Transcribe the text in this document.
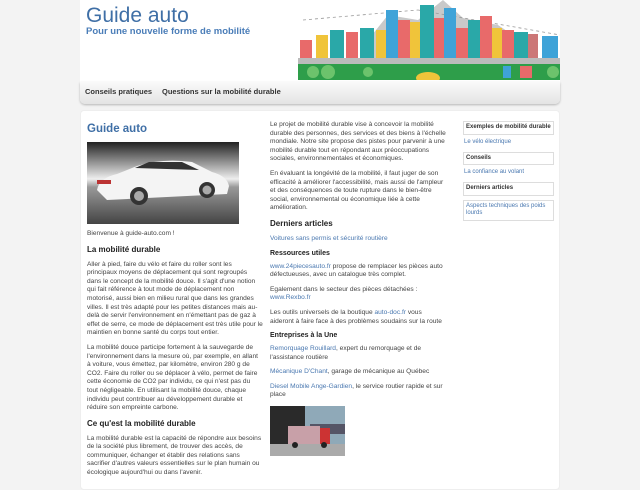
Guide auto
Pour une nouvelle forme de mobilité
Conseils pratiques Questions sur la mobilité durable
Guide auto
Bienvenue à guide-auto.com !
La mobilité durable
Aller à pied, faire du vélo et faire du roller sont les principaux moyens de déplacement qui sont regroupés dans le concept de la mobilité douce. Il s'agit d'une notion qui fait référence à tout mode de déplacement non motorisé, aussi bien en milieu rural que dans les grandes villes. Il est très adapté pour les petites distances mais au-delà de servir l'environnement en n'émettant pas de gaz à effet de serre, ce mode de déplacement est très utile pour le maintien en bonne santé du corps tout entier.
La mobilité douce participe fortement à la sauvegarde de l'environnement dans la mesure où, par exemple, en allant à voiture, vous émettez, par kilomètre, environ 280 g de CO2. Faire du roller ou se déplacer à vélo, permet de faire cette économie de CO2 par individu, ce qui n'est pas du tout négligeable. En utilisant la mobilité douce, chaque individu peut contribuer au développement durable et réduire son empreinte carbone.
Ce qu'est la mobilité durable
La mobilité durable est la capacité de répondre aux besoins de la société plus librement, de trouver des accès, de communiquer, échanger et établir des relations sans sacrifier d'autres valeurs essentielles sur le plan humain ou écologique aujourd'hui ou dans l'avenir.
Le projet de mobilité durable vise à concevoir la mobilité durable des personnes, des services et des biens à l'échelle mondiale. Notre site propose des pistes pour parvenir à une mobilité durable tout en répondant aux préoccupations sociales, environnementales et économiques.
En évaluant la longévité de la mobilité, il faut juger de son efficacité à améliorer l'accessibilité, mais aussi de l'ampleur et des conséquences de toute rupture dans le bien-être social, environnemental ou économique liée à cette amélioration.
Derniers articles
Voitures sans permis et sécurité routière
Ressources utiles
www.24piecesauto.fr propose de remplacer les pièces auto défectueuses, avec un catalogue très complet.
Egalement dans le secteur des pièces détachées : www.Rexbo.fr
Les outils universels de la boutique auto-doc.fr vous aideront à faire face à des problèmes soudains sur la route
Entreprises à la Une
Remorquage Rouillard, expert du remorquage et de l'assistance routière
Mécanique D'Chant, garage de mécanique au Québec
Diesel Mobile Ange-Gardien, le service routier rapide et sur place
Exemples de mobilité durable
Le vélo électrique
Conseils
La confiance au volant
Derniers articles
Aspects techniques des poids lourds
